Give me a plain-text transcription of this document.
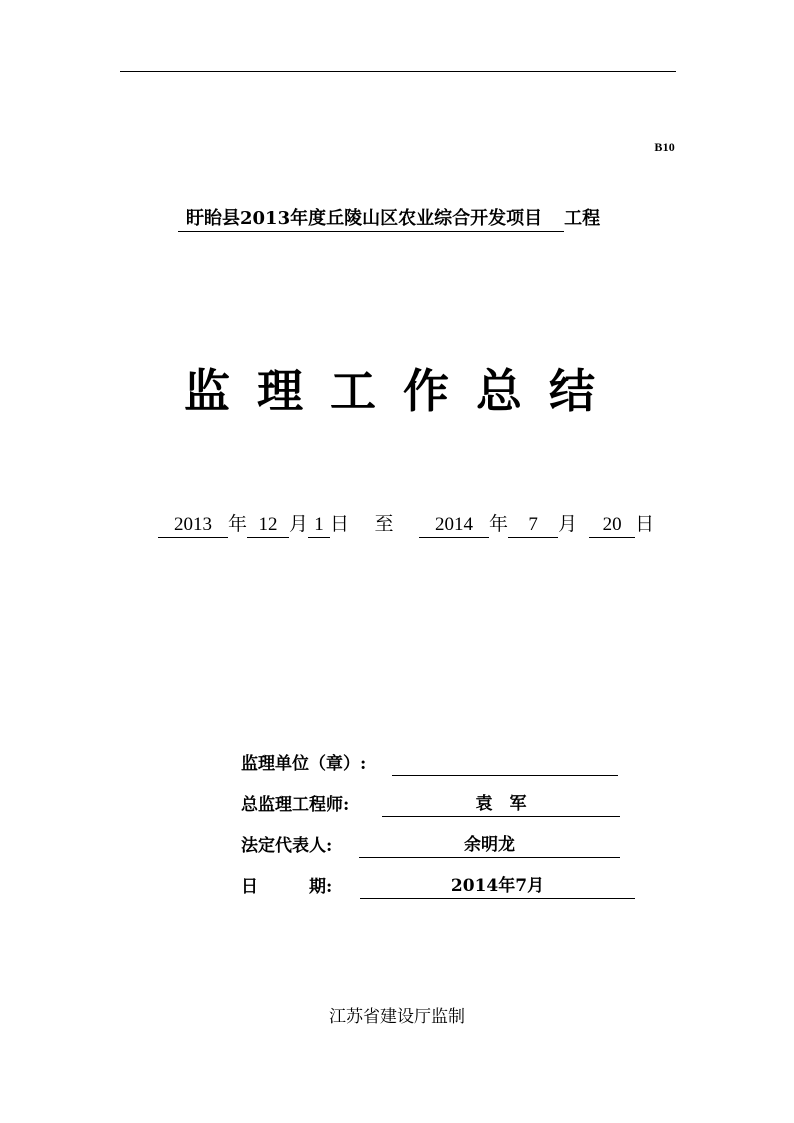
B10
盱眙县2013年度丘陵山区农业综合开发项目 工程
监理工作总结
2013 年 12 月 1 日 至 2014 年 7 月 20 日
监理单位（章）:
总监理工程师:	袁　军
法定代表人:	余明龙
日　　　期:	2014年7月
江苏省建设厅监制
